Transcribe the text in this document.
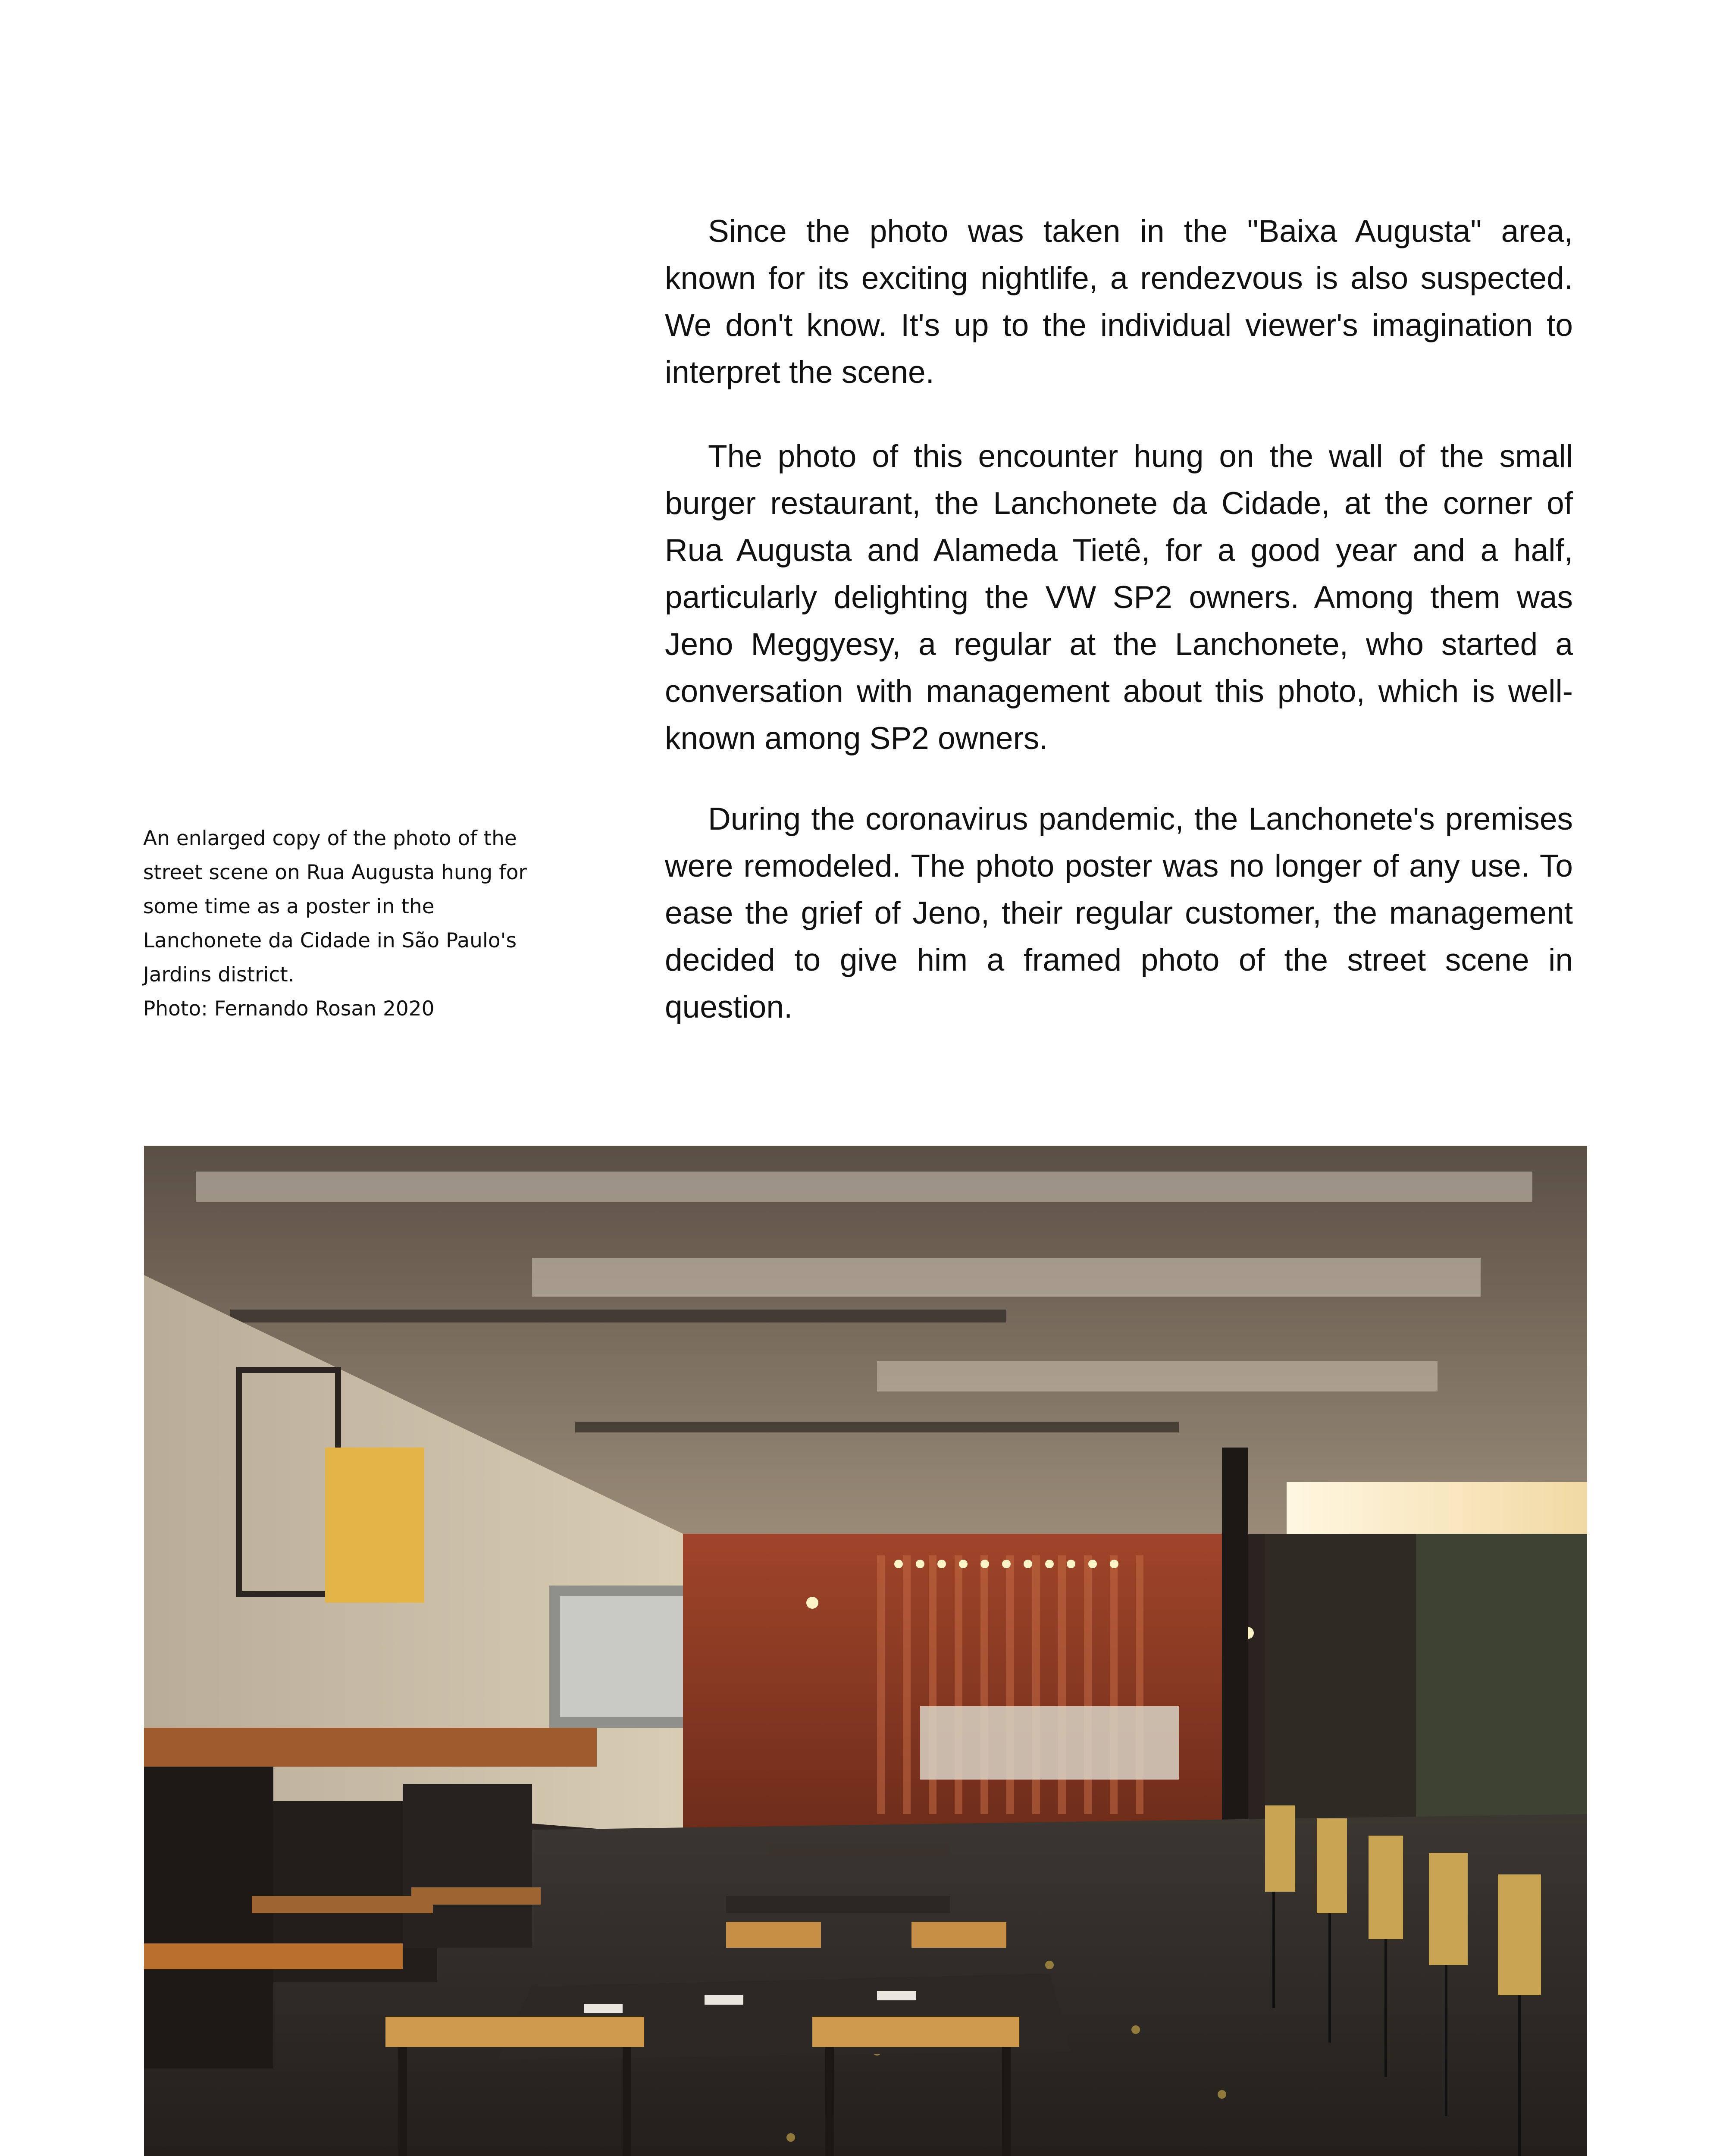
Since the photo was taken in the "Baixa Augusta" area, known for its exciting nightlife, a rendezvous is also suspected. We don't know. It's up to the individual viewer's imagination to interpret the scene.

The photo of this encounter hung on the wall of the small burger restaurant, the Lanchonete da Cidade, at the corner of Rua Augusta and Alameda Tietê, for a good year and a half, particularly delighting the VW SP2 owners. Among them was Jeno Meggyesy, a regular at the Lanchonete, who started a conversation with management about this photo, which is well-known among SP2 owners.

During the coronavirus pandemic, the Lanchonete's premises were remodeled. The photo poster was no longer of any use. To ease the grief of Jeno, their regular customer, the management decided to give him a framed photo of the street scene in question.

An enlarged copy of the photo of the
street scene on Rua Augusta hung for
some time as a poster in the
Lanchonete da Cidade in São Paulo's
Jardins district.
Photo: Fernando Rosan 2020
